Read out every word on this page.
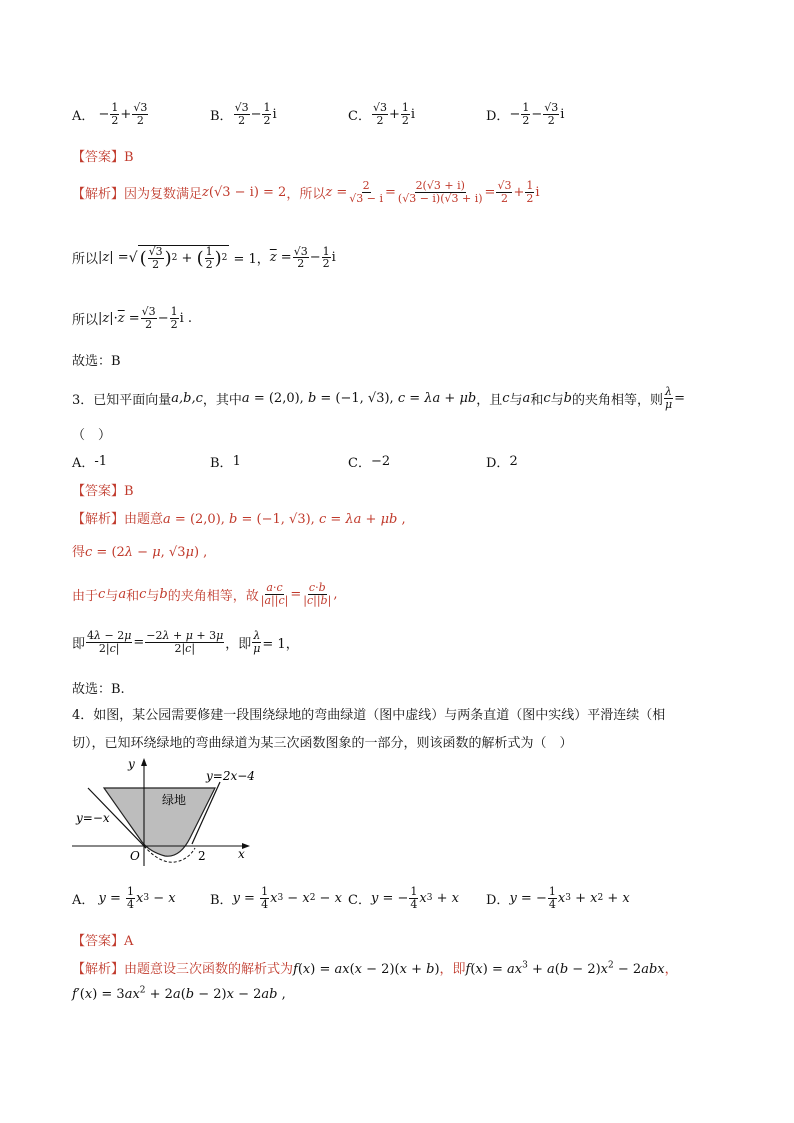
A． − $\frac{1}{2} + \frac{√3}{2}$	B． $\frac{√3}{2} - \frac{1}{2}$ i	C． $\frac{√3}{2} + \frac{1}{2}$ i	D． − $\frac{1}{2} - \frac{√3}{2}$ i
【答案】B
【解析】 因为复数满足 z(√3 − i) = 2 ，所以 $z = \frac{2}{√3 - i} = \frac{2(√3 + i)}{(√3 - i)(√3 + i)} = \frac{√3}{2} + \frac{1}{2}$ i
所以 |z| = √ ( $\frac{√3}{2}$ ) 2 + ( $\frac{1}{2}$ ) 2 = 1， $\overline{z} = \frac{√3}{2} - \frac{1}{2}$ i
所以 $|z|\cdot\overline{z} = \frac{√3}{2} - \frac{1}{2}$ i .
故选：B
3．已知平面向量 a,b,c ，其中 a = (2,0), b = (−1, √3), c = λa + μb ，且 c 与 a 和 c 与 b 的夹角相等，则 $\frac{\lambda}{\mu}$ =
（　）
A． -1	B． 1	C． −2	D． 2
【答案】B
【解析】由题意a = (2,0), b = (−1, √3), c = λa + μb ,
得c = (2λ − μ, √3μ) ,
由于 c 与 a 和 c 与 b 的夹角相等，故 $\frac{a\cdot c}{|a||c|} = \frac{c\cdot b}{|c||b|}$ ,
即 $\frac{4\lambda - 2\mu}{2|c|} = \frac{-2\lambda + \mu + 3\mu}{2|c|}$ ，即 $\frac{\lambda}{\mu} = 1$，
故选：B.
4．如图，某公园需要修建一段围绕绿地的弯曲绿道（图中虚线）与两条直道（图中实线）平滑连续（相
切），已知环绕绿地的弯曲绿道为某三次函数图象的一部分，则该函数的解析式为（　）
y
x
O	2
绿地
y=2x−4
y=−x
A． $y = \frac{1}{4}$ x 3 − x	B． $y = \frac{1}{4}$ x 3 − x 2 − x C． y = − $\frac{1}{4}$ x 3 + x D． y = − $\frac{1}{4}$ x 3 + x 2 + x
【答案】A
【解析】由题意设三次函数的解析式为f(x) = ax(x − 2)(x + b)，即$f(x) = ax^3 + a(b - 2)x^2 - 2abx$，
$f'(x) = 3ax^2 + 2a(b - 2)x - 2ab$ ,
